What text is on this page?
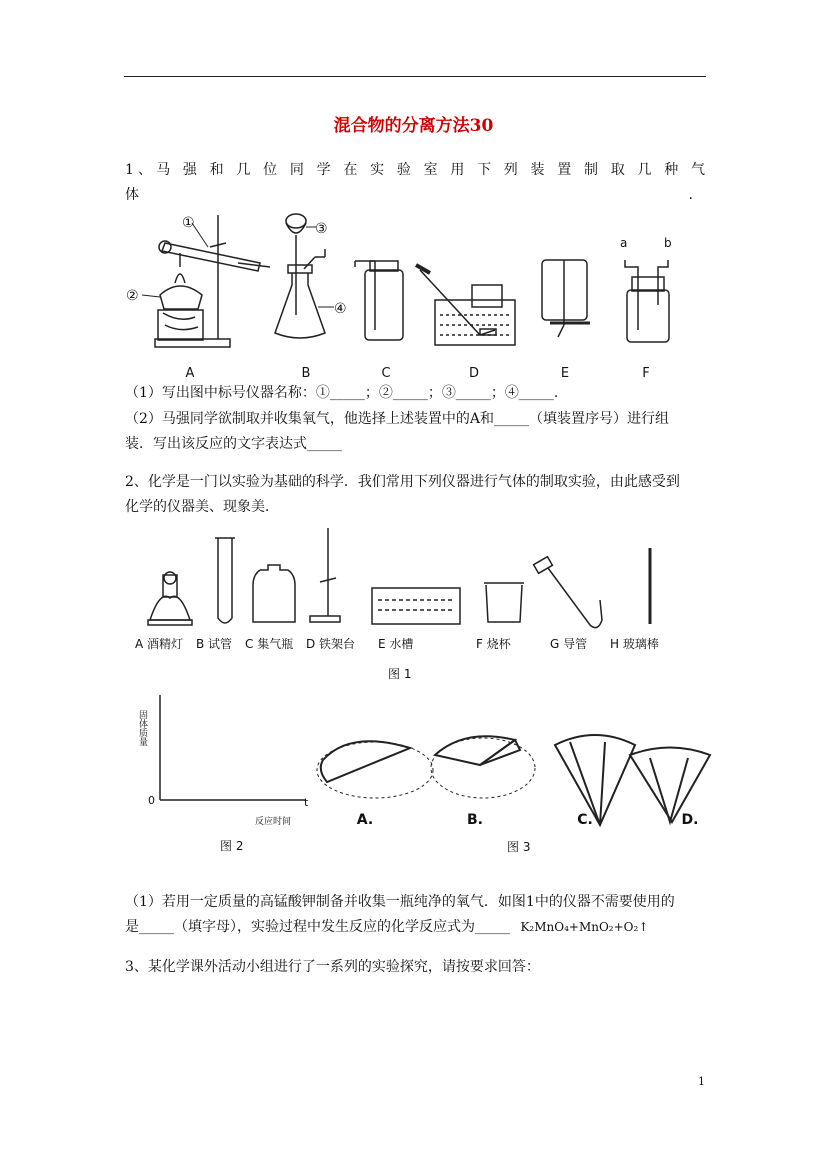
混合物的分离方法30
1、马 强 和 几 位 同 学 在 实 验 室 用 下 列 装 置 制 取 几 种 气
体	.
①
②
③
④
a	b
A	B	C	D	E	F
（1）写出图中标号仪器名称：①_____；②_____；③_____；④_____.
（2）马强同学欲制取并收集氧气，他选择上述装置中的A和_____（填装置序号）进行组
装．写出该反应的文字表达式_____
2、化学是一门以实验为基础的科学．我们常用下列仪器进行气体的制取实验，由此感受到
化学的仪器美、现象美．
A 酒精灯 B 试管 C 集气瓶 D 铁架台 E 水槽	F 烧杯	G 导管 H 玻璃棒
图 1
固体质量
0	t
反应时间
图 2
A.	B.	C.	D.
图 3
（1）若用一定质量的高锰酸钾制备并收集一瓶纯净的氧气．如图1中的仪器不需要使用的
是_____（填字母），实验过程中发生反应的化学反应式为_____ K₂MnO₄+MnO₂+O₂↑
3、某化学课外活动小组进行了一系列的实验探究，请按要求回答：
1
